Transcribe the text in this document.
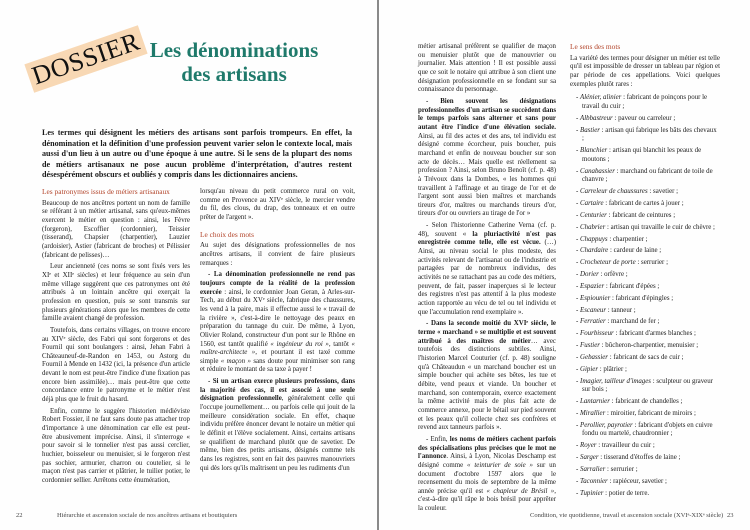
DOSSIER Les dénominations
des artisans
Les termes qui désignent les métiers des artisans sont parfois trompeurs. En effet, la dénomination et la définition d'une profession peuvent varier selon le contexte local, mais aussi d'un lieu à un autre ou d'une époque à une autre. Si le sens de la plupart des noms de métiers artisanaux ne pose aucun problème d'interprétation, d'autres restent désespérément obscurs et oubliés y compris dans les dictionnaires anciens.
Les patronymes issus de métiers artisanaux

Beaucoup de nos ancêtres portent un nom de famille se référant à un métier artisanal, sans qu'eux-mêmes exercent le métier en question : ainsi, les Fèvre (forgeron), Escoffier (cordonnier), Teissier (tisserand), Chapsier (charpentier), Lauzier (ardoisier), Astier (fabricant de broches) et Pélissier (fabricant de pelisses)…

Leur ancienneté (ces noms se sont fixés vers les XIᵉ et XIIᵉ siècles) et leur fréquence au sein d'un même village suggèrent que ces patronymes ont été attribués à un lointain ancêtre qui exerçait la profession en question, puis se sont transmis sur plusieurs générations alors que les membres de cette famille avaient changé de profession.

Toutefois, dans certains villages, on trouve encore au XIVᵉ siècle, des Fabri qui sont forgerons et des Fournil qui sont boulangers : ainsi, Jehan Fabri à Châteauneuf-de-Randon en 1453, ou Astorg du Fournil à Mende en 1432 (ici, la présence d'un article devant le nom est peut-être l'indice d'une fixation pas encore bien assimilée)… mais peut-être que cette concordance entre le patronyme et le métier n'est déjà plus que le fruit du hasard.

Enfin, comme le suggère l'historien médiéviste Robert Fossier, il ne faut sans doute pas attacher trop d'importance à une dénomination car elle est peut-être abusivement imprécise. Ainsi, il s'interroge « pour savoir si le tonnelier n'est pas aussi cerclier, huchier, boisseleur ou menuisier, si le forgeron n'est pas sochier, armurier, charron ou coutelier, si le maçon n'est pas carrier et plâtrier, le tuilier potier, le cordonnier sellier. Arrêtons cette énumération,

lorsqu'au niveau du petit commerce rural on voit, comme en Provence au XIVᵉ siècle, le mercier vendre du fil, des clous, du drap, des tonneaux et en outre prêter de l'argent ».

Le choix des mots

Au sujet des désignations professionnelles de nos ancêtres artisans, il convient de faire plusieurs remarques :

- La dénomination professionnelle ne rend pas toujours compte de la réalité de la profession exercée : ainsi, le cordonnier Joan Geran, à Arles-sur-Tech, au début du XVᵉ siècle, fabrique des chaussures, les vend à la paire, mais il effectue aussi le « travail de la rivière », c'est-à-dire le nettoyage des peaux en préparation du tannage du cuir. De même, à Lyon, Olivier Roland, constructeur d'un pont sur le Rhône en 1560, est tantôt qualifié « ingénieur du roi », tantôt « maître-architecte », et pourtant il est taxé comme simple « maçon » sans doute pour minimiser son rang et réduire le montant de sa taxe à payer !

- Si un artisan exerce plusieurs professions, dans la majorité des cas, il est associé à une seule désignation professionnelle, généralement celle qui l'occupe journellement… ou parfois celle qui jouit de la meilleure considération sociale. En effet, chaque individu préfère énoncer devant le notaire un métier qui le définit et l'élève socialement. Ainsi, certains artisans se qualifient de marchand plutôt que de savetier. De même, bien des petits artisans, désignés comme tels dans les registres, sont en fait des pauvres manouvriers qui dès lors qu'ils maîtrisent un peu les rudiments d'un

22	Hiérarchie et ascension sociale de nos ancêtres artisans et boutiquiers

métier artisanal préfèrent se qualifier de maçon ou menuisier plutôt que de manouvrier ou journalier. Mais attention ! Il est possible aussi que ce soit le notaire qui attribue à son client une désignation professionnelle en se fondant sur sa connaissance du personnage.

- Bien souvent les désignations professionnelles d'un artisan se succèdent dans le temps parfois sans alterner et sans pour autant être l'indice d'une élévation sociale. Ainsi, au fil des actes et des ans, tel individu est désigné comme écorcheur, puis boucher, puis marchand et enfin de nouveau boucher sur son acte de décès… Mais quelle est réellement sa profession ? Ainsi, selon Bruno Benoît (cf. p. 48) à Trévoux dans la Dombes, « les hommes qui travaillent à l'affinage et au tirage de l'or et de l'argent sont aussi bien maîtres et marchands tireurs d'or, maîtres ou marchands tireurs d'or, tireurs d'or ou ouvriers au tirage de l'or »

- Selon l'historienne Catherine Verna (cf. p. 48), souvent « la pluriactivité n'est pas enregistrée comme telle, elle est vécue. (…) Ainsi, au niveau social le plus modeste, des activités relevant de l'artisanat ou de l'industrie et partagées par de nombreux individus, des activités ne se rattachant pas au code des métiers, peuvent, de fait, passer inaperçues si le lecteur des registres n'est pas attentif à la plus modeste action rapportée au vécu de tel ou tel individu et que l'accumulation rend exemplaire ».

- Dans la seconde moitié du XVIᵉ siècle, le terme « marchand » se multiplie et est souvent attribué à des maîtres de métier… avec toutefois des distinctions subtiles. Ainsi, l'historien Marcel Couturier (cf. p. 48) souligne qu'à Châteaudun « un marchand boucher est un simple boucher qui achète ses bêtes, les tue et débite, vend peaux et viande. Un boucher et marchand, son contemporain, exerce exactement la même activité mais de plus fait acte de commerce annexe, pour le bétail sur pied souvent et les peaux qu'il collecte chez ses confrères et revend aux tanneurs parfois ».

- Enfin, les noms de métiers cachent parfois des spécialisations plus précises que le mot ne l'annonce. Ainsi, à Lyon, Nicolas Deschamp est désigné comme « teinturier de soie » sur un document d'octobre 1597 alors que le recensement du mois de septembre de la même année précise qu'il est « chapleur de Brésil », c'est-à-dire qu'il râpe le bois brésil pour apprêter la couleur.

Le sens des mots

La variété des termes pour désigner un métier est telle qu'il est impossible de dresser un tableau par région et par période de ces appellations. Voici quelques exemples plutôt rares :

- Alénier, alinier : fabricant de poinçons pour le travail du cuir ;
- Albbastreur : paveur ou carreleur ;
- Bastier : artisan qui fabrique les bâts des chevaux ;
- Blanchier : artisan qui blanchit les peaux de moutons ;
- Canabassier : marchand ou fabricant de toile de chanvre ;
- Carreleur de chaussures : savetier ;
- Cartaire : fabricant de cartes à jouer ;
- Centurier : fabricant de ceintures ;
- Chabrier : artisan qui travaille le cuir de chèvre ;
- Chappuys : charpentier ;
- Chardaire : cardeur de laine ;
- Crocheteur de porte : serrurier ;
- Dorier : orfèvre ;
- Espazier : fabricant d'épées ;
- Espiounier : fabricant d'épingles ;
- Escaneur : tanneur ;
- Ferratier : marchand de fer ;
- Fourbisseur : fabricant d'armes blanches ;
- Fustier : bûcheron-charpentier, menuisier ;
- Gebassier : fabricant de sacs de cuir ;
- Gipier : plâtrier ;
- Imagier, tailleur d'images : sculpteur ou graveur sur bois ;
- Lantarnier : fabricant de chandelles ;
- Mirallier : miroitier, fabricant de miroirs ;
- Perollier, payrotier : fabricant d'objets en cuivre fondu ou martelé, chaudronnier ;
- Royer : travailleur du cuir ;
- Sarger : tisserand d'étoffes de laine ;
- Sarralier : serrurier ;
- Taconnier : rapiéceur, savetier ;
- Tupinier : potier de terre.
Condition, vie quotidienne, travail et ascension sociale (XVIᵉ-XIXᵉ siècle) 23
